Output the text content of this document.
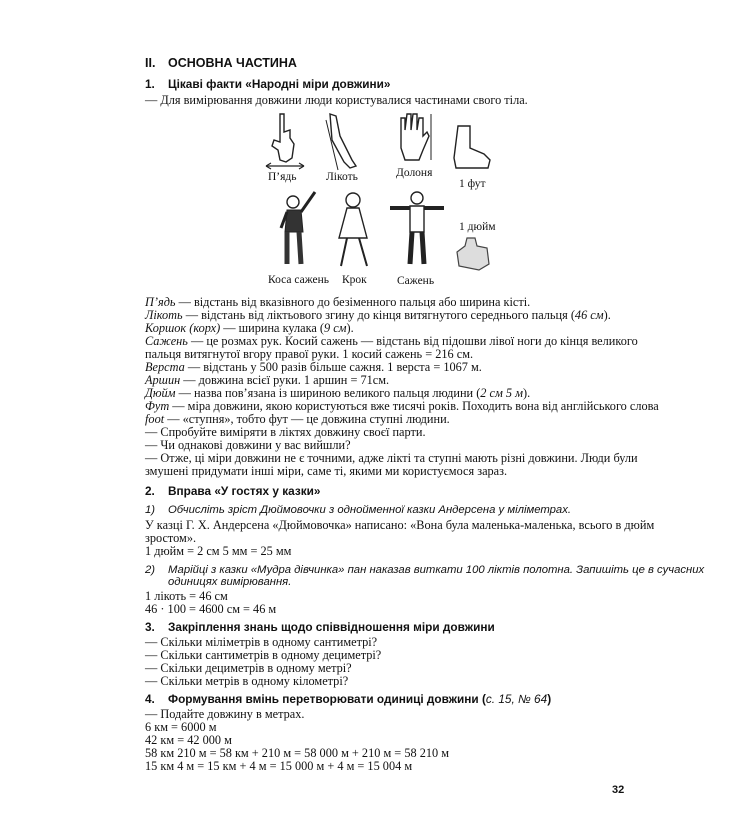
II. ОСНОВНА ЧАСТИНА
1. Цікаві факти «Народні міри довжини»
— Для вимірювання довжини люди користувалися частинами свого тіла.
П’ядь	Лікоть	Долоня
1 фут
Коса сажень Крок	Сажень
1 дюйм
П’ядь — відстань від вказівного до безіменного пальця або ширина кісті.
Лікоть — відстань від ліктьового згину до кінця витягнутого середнього пальця (46 см).
Коршок (корх) — ширина кулака (9 см).
Сажень — це розмах рук. Косий сажень — відстань від підошви лівої ноги до кінця великого
пальця витягнутої вгору правої руки. 1 косий сажень = 216 см.
Верста — відстань у 500 разів більше сажня. 1 верста = 1067 м.
Аршин — довжина всієї руки. 1 аршин = 71см.
Дюйм — назва пов’язана із шириною великого пальця людини (2 см 5 м).
Фут — міра довжини, якою користуються вже тисячі років. Походить вона від англійського слова
foot — «ступня», тобто фут — це довжина ступні людини.
— Спробуйте виміряти в ліктях довжину своєї парти.
— Чи однакові довжини у вас вийшли?
— Отже, ці міри довжини не є точними, адже лікті та ступні мають різні довжини. Люди були
змушені придумати інші міри, саме ті, якими ми користуємося зараз.
2. Вправа «У гостях у казки»
1) Обчисліть зріст Дюймовочки з однойменної казки Андерсена у міліметрах.
У казці Г. Х. Андерсена «Дюймовочка» написано: «Вона була маленька-маленька, всього в дюйм
зростом».
1 дюйм = 2 см 5 мм = 25 мм
2) Марійці з казки «Мудра дівчинка» пан наказав виткати 100 ліктів полотна. Запишіть це в сучасних
одиницях вимірювання.
1 лікоть = 46 см
46 · 100 = 4600 см = 46 м
3. Закріплення знань щодо співвідношення міри довжини
— Скільки міліметрів в одному сантиметрі?
— Скільки сантиметрів в одному дециметрі?
— Скільки дециметрів в одному метрі?
— Скільки метрів в одному кілометрі?
4. Формування вмінь перетворювати одиниці довжини (с. 15, № 64)
— Подайте довжину в метрах.
6 км = 6000 м
42 км = 42 000 м
58 км 210 м = 58 км + 210 м = 58 000 м + 210 м = 58 210 м
15 км 4 м = 15 км + 4 м = 15 000 м + 4 м = 15 004 м
32
